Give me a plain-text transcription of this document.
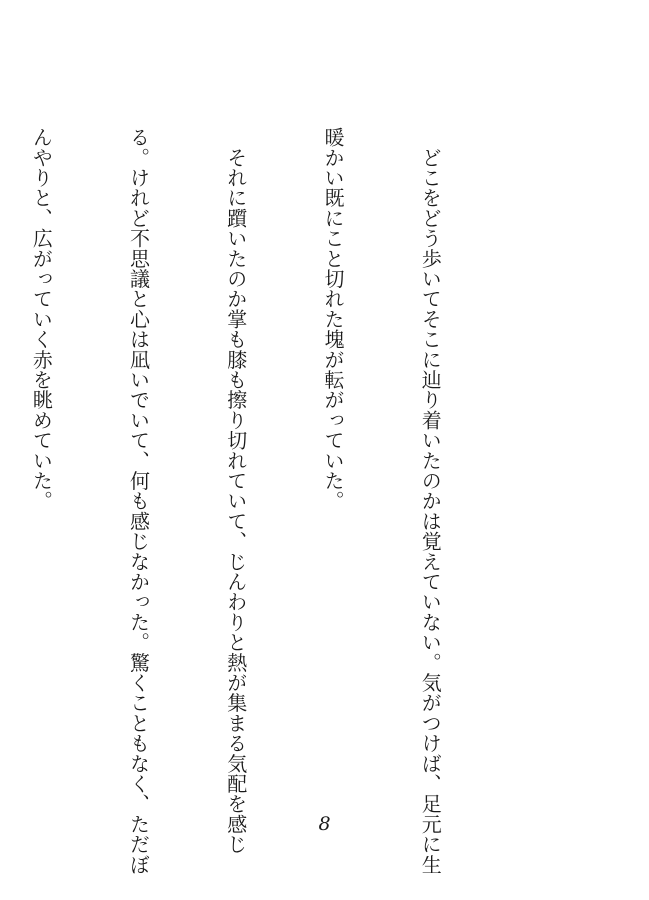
　どこをどう歩いてそこに辿り着いたのかは覚えていない。気がつけば、足元に生

暖かい既にこと切れた塊が転がっていた。

　それに躓いたのか掌も膝も擦り切れていて、じんわりと熱が集まる気配を感じ

る。けれど不思議と心は凪いでいて、何も感じなかった。驚くこともなく、ただぼ

んやりと、広がっていく赤を眺めていた。

8
